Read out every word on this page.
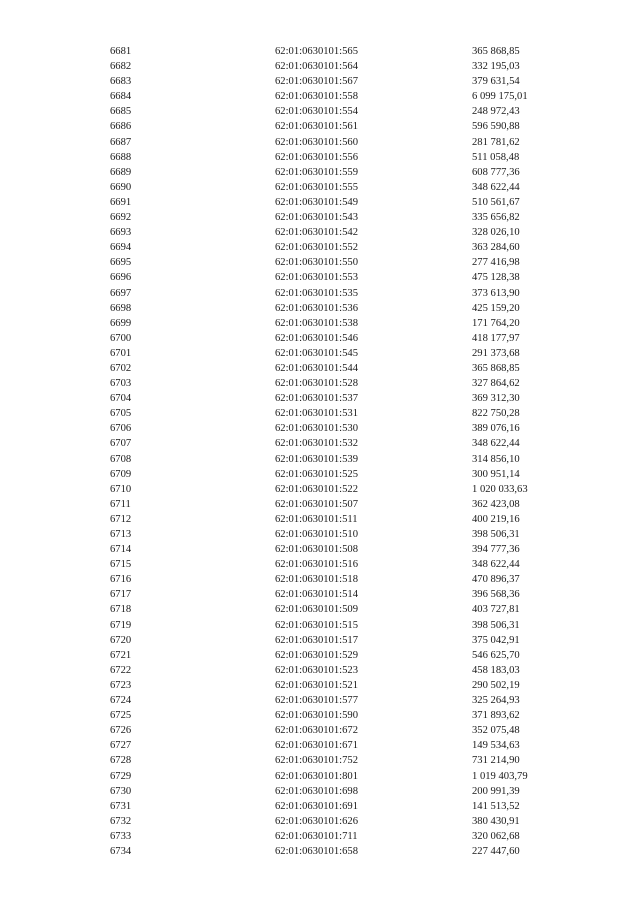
6681	62:01:0630101:565	365 868,85
6682	62:01:0630101:564	332 195,03
6683	62:01:0630101:567	379 631,54
6684	62:01:0630101:558	6 099 175,01
6685	62:01:0630101:554	248 972,43
6686	62:01:0630101:561	596 590,88
6687	62:01:0630101:560	281 781,62
6688	62:01:0630101:556	511 058,48
6689	62:01:0630101:559	608 777,36
6690	62:01:0630101:555	348 622,44
6691	62:01:0630101:549	510 561,67
6692	62:01:0630101:543	335 656,82
6693	62:01:0630101:542	328 026,10
6694	62:01:0630101:552	363 284,60
6695	62:01:0630101:550	277 416,98
6696	62:01:0630101:553	475 128,38
6697	62:01:0630101:535	373 613,90
6698	62:01:0630101:536	425 159,20
6699	62:01:0630101:538	171 764,20
6700	62:01:0630101:546	418 177,97
6701	62:01:0630101:545	291 373,68
6702	62:01:0630101:544	365 868,85
6703	62:01:0630101:528	327 864,62
6704	62:01:0630101:537	369 312,30
6705	62:01:0630101:531	822 750,28
6706	62:01:0630101:530	389 076,16
6707	62:01:0630101:532	348 622,44
6708	62:01:0630101:539	314 856,10
6709	62:01:0630101:525	300 951,14
6710	62:01:0630101:522	1 020 033,63
6711	62:01:0630101:507	362 423,08
6712	62:01:0630101:511	400 219,16
6713	62:01:0630101:510	398 506,31
6714	62:01:0630101:508	394 777,36
6715	62:01:0630101:516	348 622,44
6716	62:01:0630101:518	470 896,37
6717	62:01:0630101:514	396 568,36
6718	62:01:0630101:509	403 727,81
6719	62:01:0630101:515	398 506,31
6720	62:01:0630101:517	375 042,91
6721	62:01:0630101:529	546 625,70
6722	62:01:0630101:523	458 183,03
6723	62:01:0630101:521	290 502,19
6724	62:01:0630101:577	325 264,93
6725	62:01:0630101:590	371 893,62
6726	62:01:0630101:672	352 075,48
6727	62:01:0630101:671	149 534,63
6728	62:01:0630101:752	731 214,90
6729	62:01:0630101:801	1 019 403,79
6730	62:01:0630101:698	200 991,39
6731	62:01:0630101:691	141 513,52
6732	62:01:0630101:626	380 430,91
6733	62:01:0630101:711	320 062,68
6734	62:01:0630101:658	227 447,60
